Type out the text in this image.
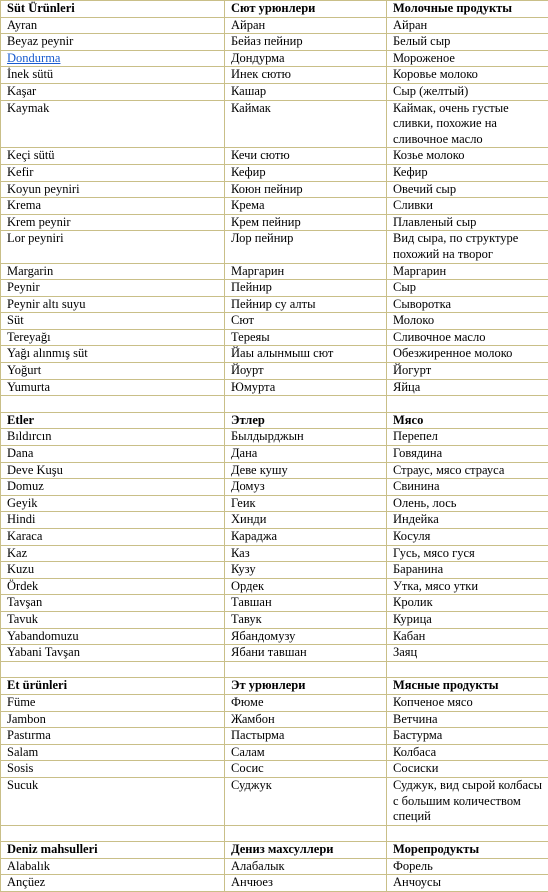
Süt Ürünleri	Сют урюнлери	Молочные продукты
Ayran	Айран	Айран
Beyaz peynir	Бейаз пейнир	Белый сыр
Dondurma	Дондурма	Мороженое
İnek sütü	Инек сютю	Коровье молоко
Kaşar	Кашар	Сыр (желтый)
Kaymak	Каймак	Каймак, очень густые сливки, похожие на сливочное масло
Keçi sütü	Кечи сютю	Козье молоко
Kefir	Кефир	Кефир
Koyun peyniri	Коюн пейнир	Овечий сыр
Krema	Крема	Сливки
Krem peynir	Крем пейнир	Плавленый сыр
Lor peyniri	Лор пейнир	Вид сыра, по структуре похожий на творог
Margarin	Маргарин	Маргарин
Peynir	Пейнир	Сыр
Peynir altı suyu	Пейнир су алты	Сыворотка
Süt	Сют	Молоко
Tereyağı	Терeяы	Сливочное масло
Yağı alınmış süt	Йаы алынмыш сют	Обезжиренное молоко
Yoğurt	Йоурт	Йогурт
Yumurta	Юмурта	Яйца

Etler	Этлер	Мясо
Bıldırcın	Былдырджын	Перепел
Dana	Дана	Говядина
Deve Kuşu	Деве кушу	Страус, мясо страуса
Domuz	Домуз	Свинина
Geyik	Геик	Олень, лось
Hindi	Хинди	Индейка
Karaca	Караджа	Косуля
Kaz	Каз	Гусь, мясо гуся
Kuzu	Кузу	Баранина
Ördek	Ордек	Утка, мясо утки
Tavşan	Тавшан	Кролик
Tavuk	Тавук	Курица
Yabandomuzu	Ябандомузу	Кабан
Yabani Tavşan	Ябани тавшан	Заяц

Et ürünleri	Эт урюнлери	Мясные продукты
Füme	Фюме	Копченое мясо
Jambon	Жамбон	Ветчина
Pastırma	Пастырма	Бастурма
Salam	Салам	Колбаса
Sosis	Сосис	Сосиски
Sucuk	Суджук	Суджук, вид сырой колбасы с большим количеством специй

Deniz mahsulleri	Дениз махсуллери	Морепродукты
Alabalık	Алабалык	Форель
Ançüez	Анчюез	Анчоусы
